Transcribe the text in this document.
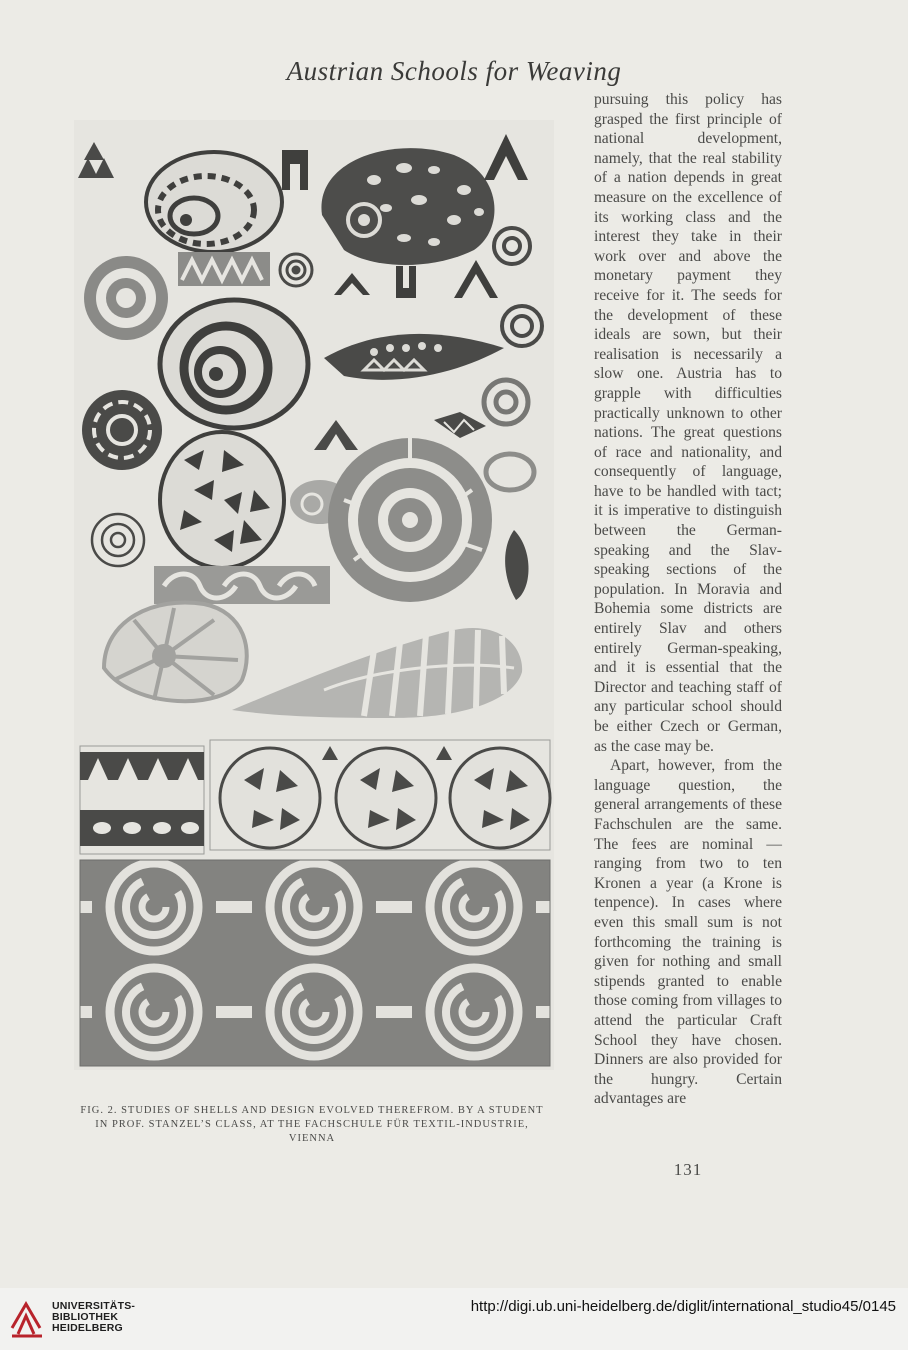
Austrian Schools for Weaving
FIG. 2. STUDIES OF SHELLS AND DESIGN EVOLVED THEREFROM. BY A STUDENT
IN PROF. STANZEL’S CLASS, AT THE FACHSCHULE FÜR TEXTIL-INDUSTRIE,
VIENNA

pursuing this policy has grasped the first principle of national development, namely, that the real stability of a nation depends in great measure on the excellence of its working class and the interest they take in their work over and above the monetary payment they receive for it. The seeds for the development of these ideals are sown, but their realisation is necessarily a slow one. Austria has to grapple with difficulties practically unknown to other nations. The great questions of race and nationality, and consequently of language, have to be handled with tact; it is imperative to distinguish between the German-speaking and the Slav-speaking sections of the population. In Moravia and Bohemia some districts are entirely Slav and others entirely German-speaking, and it is essential that the Director and teaching staff of any particular school should be either Czech or German, as the case may be.

Apart, however, from the language question, the general arrangements of these Fachschulen are the same. The fees are nominal —ranging from two to ten Kronen a year (a Krone is tenpence). In cases where even this small sum is not forthcoming the training is given for nothing and small stipends granted to enable those coming from villages to attend the particular Craft School they have chosen. Dinners are also provided for the hungry. Certain advantages are

131
UNIVERSITÄTS-
BIBLIOTHEK
HEIDELBERG
http://digi.ub.uni-heidelberg.de/diglit/international_studio45/0145
